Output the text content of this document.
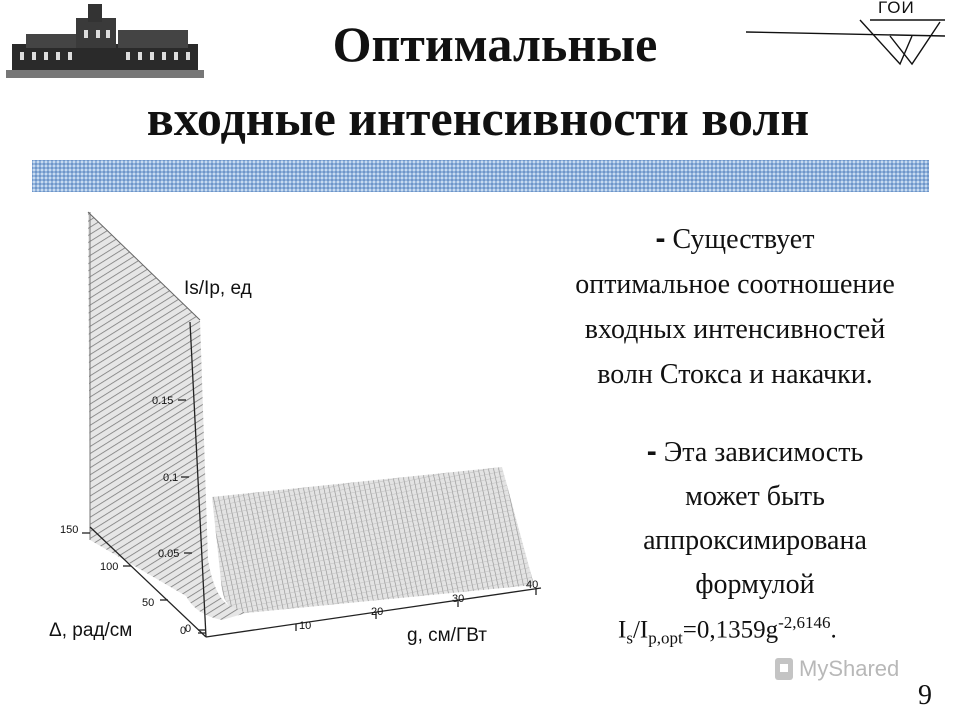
ГОИ
Оптимальные
входные интенсивности волн
0.15
0.1
0.05
0	10
20
30
40
150
100
50
0
Is/Ip, ед
g, см/ГВт
Δ, рад/см
- Существует
оптимальное соотношение
входных интенсивностей
волн Стокса и накачки.
- Эта зависимость
может быть
аппроксимирована
формулой
$I_s/I_{p,opt}=0,1359g^{-2,6146}$.
MyShared
9
